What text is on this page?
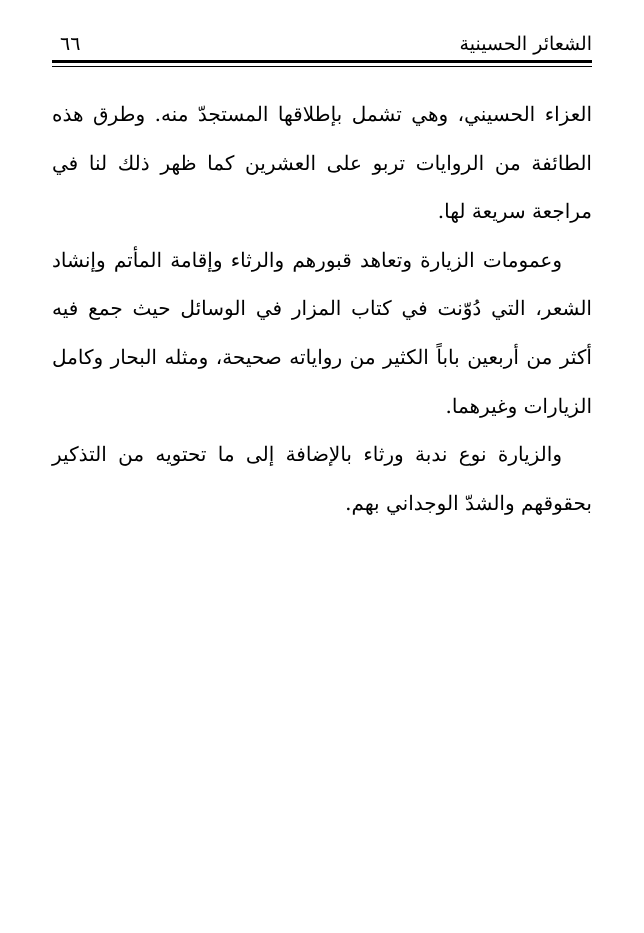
الشعائر الحسينية
٦٦

العزاء الحسيني، وهي تشمل بإطلاقها المستجدّ منه. وطرق هذه الطائفة من الروايات تربو على العشرين كما ظهر ذلك لنا في مراجعة سريعة لها.

وعمومات الزيارة وتعاهد قبورهم والرثاء وإقامة المأتم وإنشاد الشعر، التي دُوّنت في كتاب المزار في الوسائل حيث جمع فيه أكثر من أربعين باباً الكثير من رواياته صحيحة، ومثله البحار وكامل الزيارات وغيرهما.

والزيارة نوع ندبة ورثاء بالإضافة إلى ما تحتويه من التذكير بحقوقهم والشدّ الوجداني بهم.
